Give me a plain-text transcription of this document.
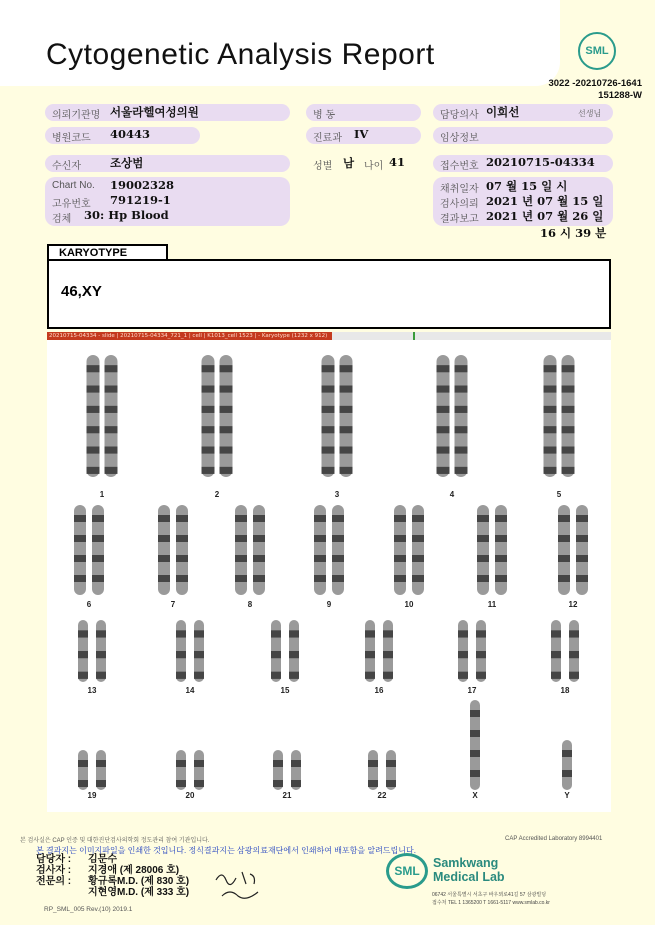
Cytogenetic Analysis Report	SML
3022 -20210726-1641
151288-W
의뢰기관명 서울라헬여성의원	병 동	담당의사 이희선	선생님
병원코드 40443	진료과 IV	임상정보
수신자	조상범	성별 남 나이 41	접수번호 20210715-04334
Chart No. 19002328
고유번호 791219-1
검체 30: Hp Blood
채취일자 07 월 15 일 시
검사의뢰 2021 년 07 월 15 일
결과보고 2021 년 07 월 26 일
16 시 39 분
KARYOTYPE
46,XY
20210715-04334 - slide | 20210715-04334_721_1 | cell | K1013_cell 1523 | - Karyotype (1232 x 912)
1	2	3	4	5
6	7	8	9	10	11	12
13	14	15	16	17	18
19	20	21	22	X	Y
본 검사실은 CAP 인증 및 대한진단검사의학회 정도관리 참여 기관입니다.	CAP Accredited Laboratory 8994401
본 결과지는 이미지파일을 인쇄한 것입니다. 정식결과지는 삼광의료재단에서 인쇄하여 배포함을 알려드립니다.
담당자 : 김문수
검사자 : 지경애 (제 28006 호)
전문의 : 황규록M.D. (제 830 호)
지현영M.D. (제 333 호)
SML
Samkwang
Medical Lab
06742 서울특별시 서초구 바우뫼로41길 57 삼광빌딩
접수처 TEL 1 1365200 T 1661-5117 www.smlab.co.kr
RP_SML_005 Rev.(10) 2019.1
